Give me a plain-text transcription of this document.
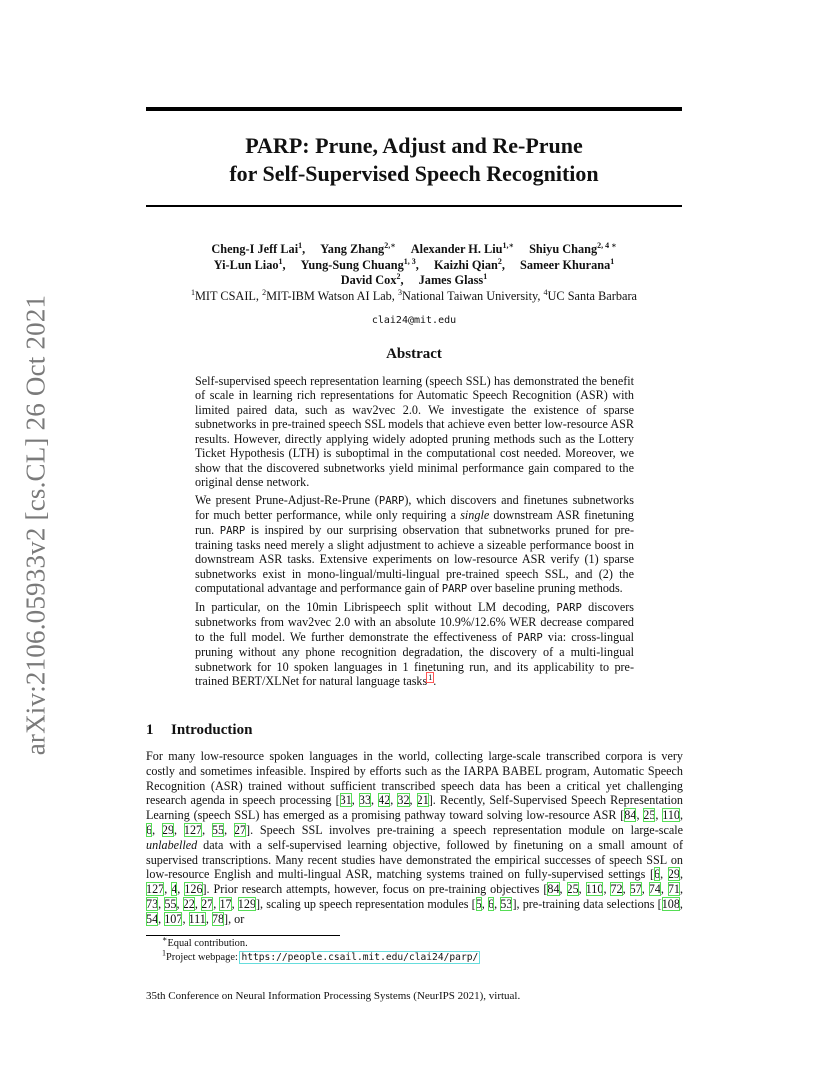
arXiv:2106.05933v2 [cs.CL] 26 Oct 2021
PARP: Prune, Adjust and Re-Prune
for Self-Supervised Speech Recognition
Cheng-I Jeff Lai$^1$, Yang Zhang$^{2,∗}$ Alexander H. Liu$^{1,∗}$ Shiyu Chang$^{2, 4 ∗}$
Yi-Lun Liao$^1$, Yung-Sung Chuang$^{1, 3}$, Kaizhi Qian$^2$, Sameer Khurana$^1$
David Cox$^2$, James Glass$^1$
$^1$MIT CSAIL, $^2$MIT-IBM Watson AI Lab, $^3$National Taiwan University, $^4$UC Santa Barbara
clai24@mit.edu
Abstract

Self-supervised speech representation learning (speech SSL) has demonstrated the benefit of scale in learning rich representations for Automatic Speech Recognition (ASR) with limited paired data, such as wav2vec 2.0. We investigate the existence of sparse subnetworks in pre-trained speech SSL models that achieve even better low-resource ASR results. However, directly applying widely adopted pruning methods such as the Lottery Ticket Hypothesis (LTH) is suboptimal in the computational cost needed. Moreover, we show that the discovered subnetworks yield minimal performance gain compared to the original dense network.

We present Prune-Adjust-Re-Prune (PARP), which discovers and finetunes subnetworks for much better performance, while only requiring a single downstream ASR finetuning run. PARP is inspired by our surprising observation that subnetworks pruned for pre-training tasks need merely a slight adjustment to achieve a sizeable performance boost in downstream ASR tasks. Extensive experiments on low-resource ASR verify (1) sparse subnetworks exist in mono-lingual/multi-lingual pre-trained speech SSL, and (2) the computational advantage and performance gain of PARP over baseline pruning methods.

In particular, on the 10min Librispeech split without LM decoding, PARP discovers subnetworks from wav2vec 2.0 with an absolute 10.9%/12.6% WER decrease compared to the full model. We further demonstrate the effectiveness of PARP via: cross-lingual pruning without any phone recognition degradation, the discovery of a multi-lingual subnetwork for 10 spoken languages in 1 finetuning run, and its applicability to pre-trained BERT/XLNet for natural language tasks$^1$.

1 Introduction

For many low-resource spoken languages in the world, collecting large-scale transcribed corpora is very costly and sometimes infeasible. Inspired by efforts such as the IARPA BABEL program, Automatic Speech Recognition (ASR) trained without sufficient transcribed speech data has been a critical yet challenging research agenda in speech processing [31, 33, 42, 32, 21]. Recently, Self-Supervised Speech Representation Learning (speech SSL) has emerged as a promising pathway toward solving low-resource ASR [84, 25, 110, 6, 29, 127, 55, 27]. Speech SSL involves pre-training a speech representation module on large-scale unlabelled data with a self-supervised learning objective, followed by finetuning on a small amount of supervised transcriptions. Many recent studies have demonstrated the empirical successes of speech SSL on low-resource English and multi-lingual ASR, matching systems trained on fully-supervised settings [6, 29, 127, 4, 126]. Prior research attempts, however, focus on pre-training objectives [84, 25, 110, 72, 57, 74, 71, 73, 55, 22, 27, 17, 129], scaling up speech representation modules [5, 6, 53], pre-training data selections [108, 54, 107, 111, 78], or

∗Equal contribution.
$^1$Project webpage: https://people.csail.mit.edu/clai24/parp/
35th Conference on Neural Information Processing Systems (NeurIPS 2021), virtual.
